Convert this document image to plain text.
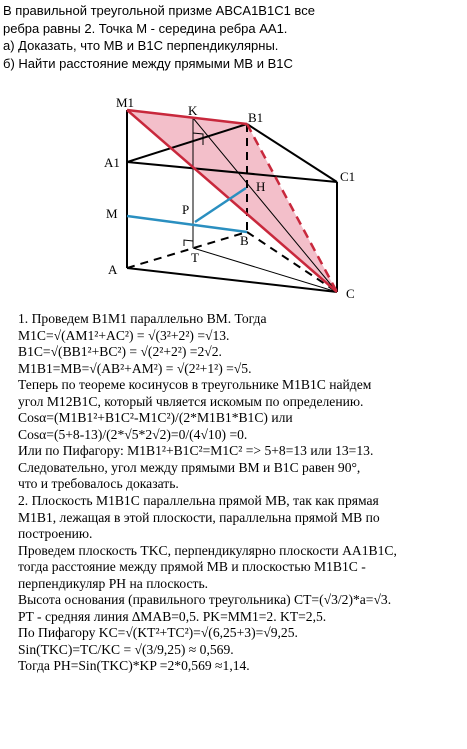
В правильной треугольной призме ABCA1B1C1 все
ребра равны 2. Точка М - середина ребра АА1.
а) Доказать, что MB и B1C перпендикулярны.
б) Найти расстояние между прямыми MB и B1C
M1
K	B1
A1
C1
H
M	P
B
T
A
C
1. Проведем B1M1 параллельно BM. Тогда
M1C=√(AM1²+AC²) = √(3²+2²) =√13.
B1C=√(BB1²+BC²) = √(2²+2²) =2√2.
M1B1=MB=√(AB²+AM²) = √(2²+1²) =√5.
Теперь по теореме косинусов в треугольнике M1B1C найдем
угол M12B1C, который чвляется искомым по определению.
Cosα=(M1B1²+B1C²-M1C²)/(2*M1B1*B1C) или
Cosα=(5+8-13)/(2*√5*2√2)=0/(4√10) =0.
Или по Пифагору: M1B1²+B1C²=M1C² => 5+8=13 или 13=13.
Следовательно, угол между прямыми BM и B1C равен 90°,
что и требовалось доказать.
2. Плоскость M1B1C параллельна прямой MB, так как прямая
M1B1, лежащая в этой плоскости, параллельна прямой MB по
построению.
Проведем плоскость TKC, перпендикулярно плоскости AA1B1C,
тогда расстояние между прямой MB и плоскостью M1B1C -
перпендикуляр PH на плоскость.
Высота основания (правильного треугольника) CT=(√3/2)*a=√3.
PT - средняя линия ∆MAB=0,5. PK=MM1=2. KT=2,5.
По Пифагору KC=√(KT²+TC²)=√(6,25+3)=√9,25.
Sin(TKC)=TC/KC = √(3/9,25) ≈ 0,569.
Тогда PH=Sin(TKC)*KP =2*0,569 ≈1,14.
